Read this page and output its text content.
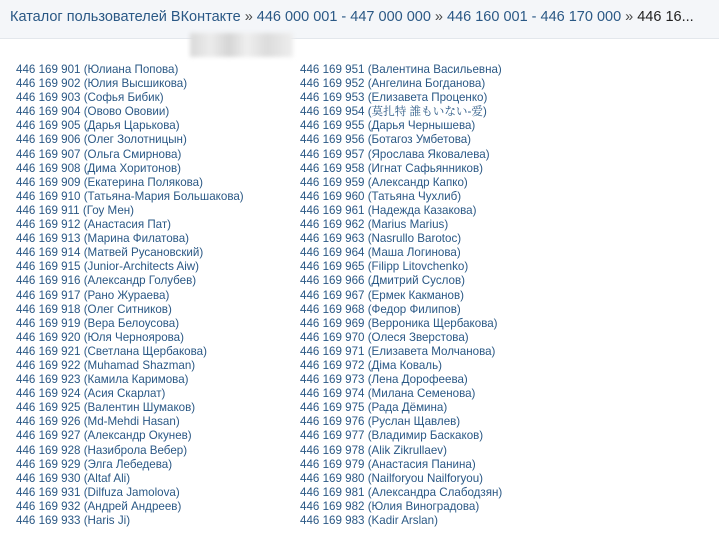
Каталог пользователей ВКонтакте » 446 000 001 - 447 000 000 » 446 160 001 - 446 170 000 » 446 16...
446 169 901 (Юлиана Попова)
446 169 902 (Юлия Высшикова)
446 169 903 (Софья Бибик)
446 169 904 (Овово Ововии)
446 169 905 (Дарья Царькова)
446 169 906 (Олег Золотницын)
446 169 907 (Ольга Смирнова)
446 169 908 (Дима Хоритонов)
446 169 909 (Екатерина Полякова)
446 169 910 (Татьяна-Мария Большакова)
446 169 911 (Гоу Мен)
446 169 912 (Анастасия Пат)
446 169 913 (Марина Филатова)
446 169 914 (Матвей Русановский)
446 169 915 (Junior-Architects Aiw)
446 169 916 (Александр Голубев)
446 169 917 (Рано Жураева)
446 169 918 (Олег Ситников)
446 169 919 (Вера Белоусова)
446 169 920 (Юля Черноярова)
446 169 921 (Светлана Щербакова)
446 169 922 (Muhamad Shazman)
446 169 923 (Камила Каримова)
446 169 924 (Асия Скарлат)
446 169 925 (Валентин Шумаков)
446 169 926 (Md-Mehdi Hasan)
446 169 927 (Александр Окунев)
446 169 928 (Назиброла Вебер)
446 169 929 (Элга Лебедева)
446 169 930 (Altaf Ali)
446 169 931 (Dilfuza Jamolova)
446 169 932 (Андрей Андреев)
446 169 933 (Haris Ji)
446 169 951 (Валентина Васильевна)
446 169 952 (Ангелина Богданова)
446 169 953 (Елизавета Проценко)
446 169 954 (莫扎特 誰もいない-爱)
446 169 955 (Дарья Чернышева)
446 169 956 (Ботагоз Умбетова)
446 169 957 (Ярослава Яковалева)
446 169 958 (Игнат Сафьянников)
446 169 959 (Александр Капко)
446 169 960 (Татьяна Чухлиб)
446 169 961 (Надежда Казакова)
446 169 962 (Marius Marius)
446 169 963 (Nasrullo Barotoc)
446 169 964 (Маша Логинова)
446 169 965 (Filipp Litovchenko)
446 169 966 (Дмитрий Суслов)
446 169 967 (Ермек Какманов)
446 169 968 (Федор Филипов)
446 169 969 (Верроника Щербакова)
446 169 970 (Олеся Зверстова)
446 169 971 (Елизавета Молчанова)
446 169 972 (Діма Коваль)
446 169 973 (Лена Дорофеева)
446 169 974 (Милана Семенова)
446 169 975 (Рада Дёмина)
446 169 976 (Руслан Щавлев)
446 169 977 (Владимир Баскаков)
446 169 978 (Alik Zikrullaev)
446 169 979 (Анастасия Панина)
446 169 980 (Nailforyou Nailforyou)
446 169 981 (Александра Слабодзян)
446 169 982 (Юлия Виноградова)
446 169 983 (Kadir Arslan)
